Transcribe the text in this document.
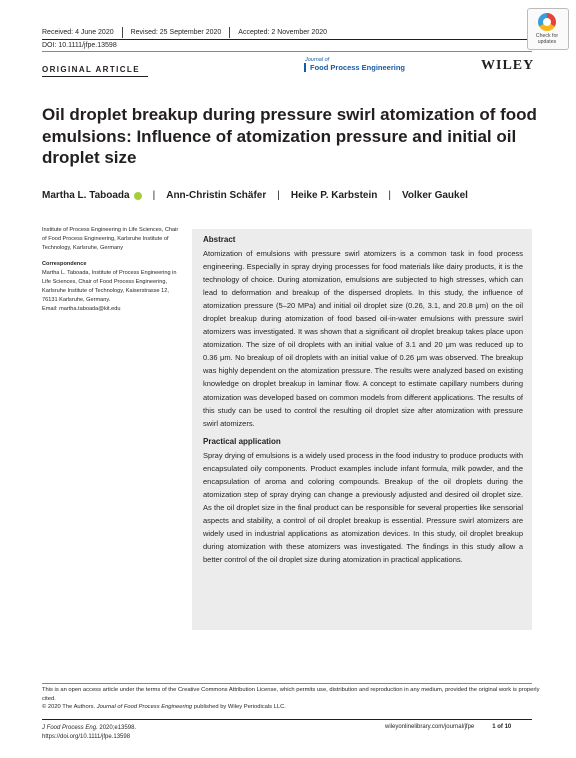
Received: 4 June 2020	Revised: 25 September 2020	Accepted: 2 November 2020
DOI: 10.1111/jfpe.13598
Check for updates
ORIGINAL ARTICLE
Journal of
Food Process Engineering	WILEY
Oil droplet breakup during pressure swirl atomization of food emulsions: Influence of atomization pressure and initial oil droplet size
Martha L. Taboada | Ann-Christin Schäfer | Heike P. Karbstein | Volker Gaukel
Institute of Process Engineering in Life Sciences, Chair of Food Process Engineering, Karlsruhe Institute of Technology, Karlsruhe, Germany
Correspondence
Martha L. Taboada, Institute of Process Engineering in Life Sciences, Chair of Food Process Engineering, Karlsruhe Institute of Technology, Kaiserstrasse 12, 76131 Karlsruhe, Germany.
Email: martha.taboada@kit.edu
Abstract

Atomization of emulsions with pressure swirl atomizers is a common task in food process engineering. Especially in spray drying processes for food materials like dairy products, it is the technology of choice. During atomization, emulsions are subjected to high stresses, which can lead to deformation and breakup of the dispersed droplets. In this study, the influence of atomization pressure (5–20 MPa) and initial oil droplet size (0.26, 3.1, and 20.8 μm) on the oil droplet breakup during atomization of food based oil-in-water emulsions with pressure swirl atomizers was investigated. It was shown that a significant oil droplet breakup takes place upon atomization. The size of oil droplets with an initial value of 3.1 and 20 μm was reduced up to 0.36 μm. No breakup of oil droplets with an initial value of 0.26 μm was observed. The breakup was highly dependent on the atomization pressure. The results were analyzed based on existing knowledge on droplet breakup in laminar flow. A concept to estimate capillary numbers during atomization was developed based on common models from different applications. The results of this study can be used to control the resulting oil droplet size after atomization with pressure swirl atomizers.

Practical application

Spray drying of emulsions is a widely used process in the food industry to produce products with encapsulated oily components. Product examples include infant formula, milk powder, and the encapsulation of aroma and coloring compounds. Breakup of the oil droplets during the atomization step of spray drying can change a previously adjusted and desired oil droplet size. As the oil droplet size in the final product can be responsible for several properties like sensorial aspects and stability, a control of oil droplet breakup is essential. Pressure swirl atomizers are widely used in industrial applications as atomization devices. In this study, oil droplet breakup during atomization with these atomizers was investigated. The findings in this study allow a better control of the oil droplet size during atomization in practical applications.

This is an open access article under the terms of the Creative Commons Attribution License, which permits use, distribution and reproduction in any medium, provided the original work is properly cited.
© 2020 The Authors. Journal of Food Process Engineering published by Wiley Periodicals LLC.
J Food Process Eng. 2020;e13598.
https://doi.org/10.1111/jfpe.13598
wileyonlinelibrary.com/journal/jfpe	1 of 10
